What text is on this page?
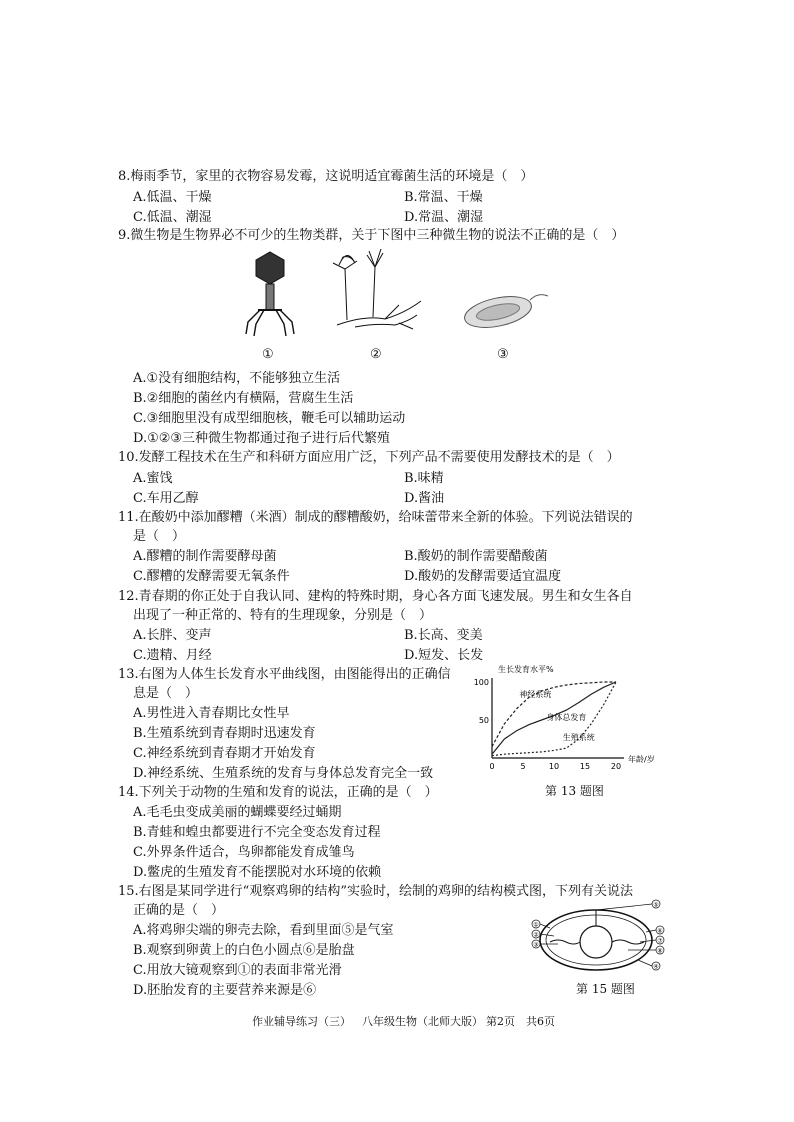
8.梅雨季节，家里的衣物容易发霉，这说明适宜霉菌生活的环境是（　）
A.低温、干燥	B.常温、干燥
C.低温、潮湿	D.常温、潮湿
9.微生物是生物界必不可少的生物类群，关于下图中三种微生物的说法不正确的是（　）
①	②	③
A.①没有细胞结构，不能够独立生活
B.②细胞的菌丝内有横隔，营腐生生活
C.③细胞里没有成型细胞核，鞭毛可以辅助运动
D.①②③三种微生物都通过孢子进行后代繁殖
10.发酵工程技术在生产和科研方面应用广泛，下列产品不需要使用发酵技术的是（　）
A.蜜饯	B.味精
C.车用乙醇	D.酱油
11.在酸奶中添加醪糟（米酒）制成的醪糟酸奶，给味蕾带来全新的体验。下列说法错误的
是（　）
A.醪糟的制作需要酵母菌	B.酸奶的制作需要醋酸菌
C.醪糟的发酵需要无氧条件	D.酸奶的发酵需要适宜温度
12.青春期的你正处于自我认同、建构的特殊时期，身心各方面飞速发展。男生和女生各自
出现了一种正常的、特有的生理现象，分别是（　）
A.长胖、变声	B.长高、变美
C.遗精、月经	D.短发、长发
13.右图为人体生长发育水平曲线图，由图能得出的正确信
息是（　）
A.男性进入青春期比女性早
B.生殖系统到青春期时迅速发育
C.神经系统到青春期才开始发育
D.神经系统、生殖系统的发育与身体总发育完全一致
生长发育水平%
年龄/岁
0	5	10	15	20
50
100
神经系统
身体总发育
生殖系统
第 13 题图
14.下列关于动物的生殖和发育的说法，正确的是（　）
A.毛毛虫变成美丽的蝴蝶要经过蛹期
B.青蛙和蝗虫都要进行不完全变态发育过程
C.外界条件适合，鸟卵都能发育成雏鸟
D.鳖虎的生殖发育不能摆脱对水环境的依赖
15.右图是某同学进行“观察鸡卵的结构”实验时，绘制的鸡卵的结构模式图，下列有关说法
正确的是（　）
A.将鸡卵尖端的卵壳去除，看到里面⑤是气室
B.观察到卵黄上的白色小圆点⑥是胎盘
C.用放大镜观察到①的表面非常光滑
D.胚胎发育的主要营养来源是⑥
①
②
③
④
⑤
⑥
⑦
⑧
第 15 题图
作业辅导练习（三） 八年级生物（北师大版） 第2页　共6页
